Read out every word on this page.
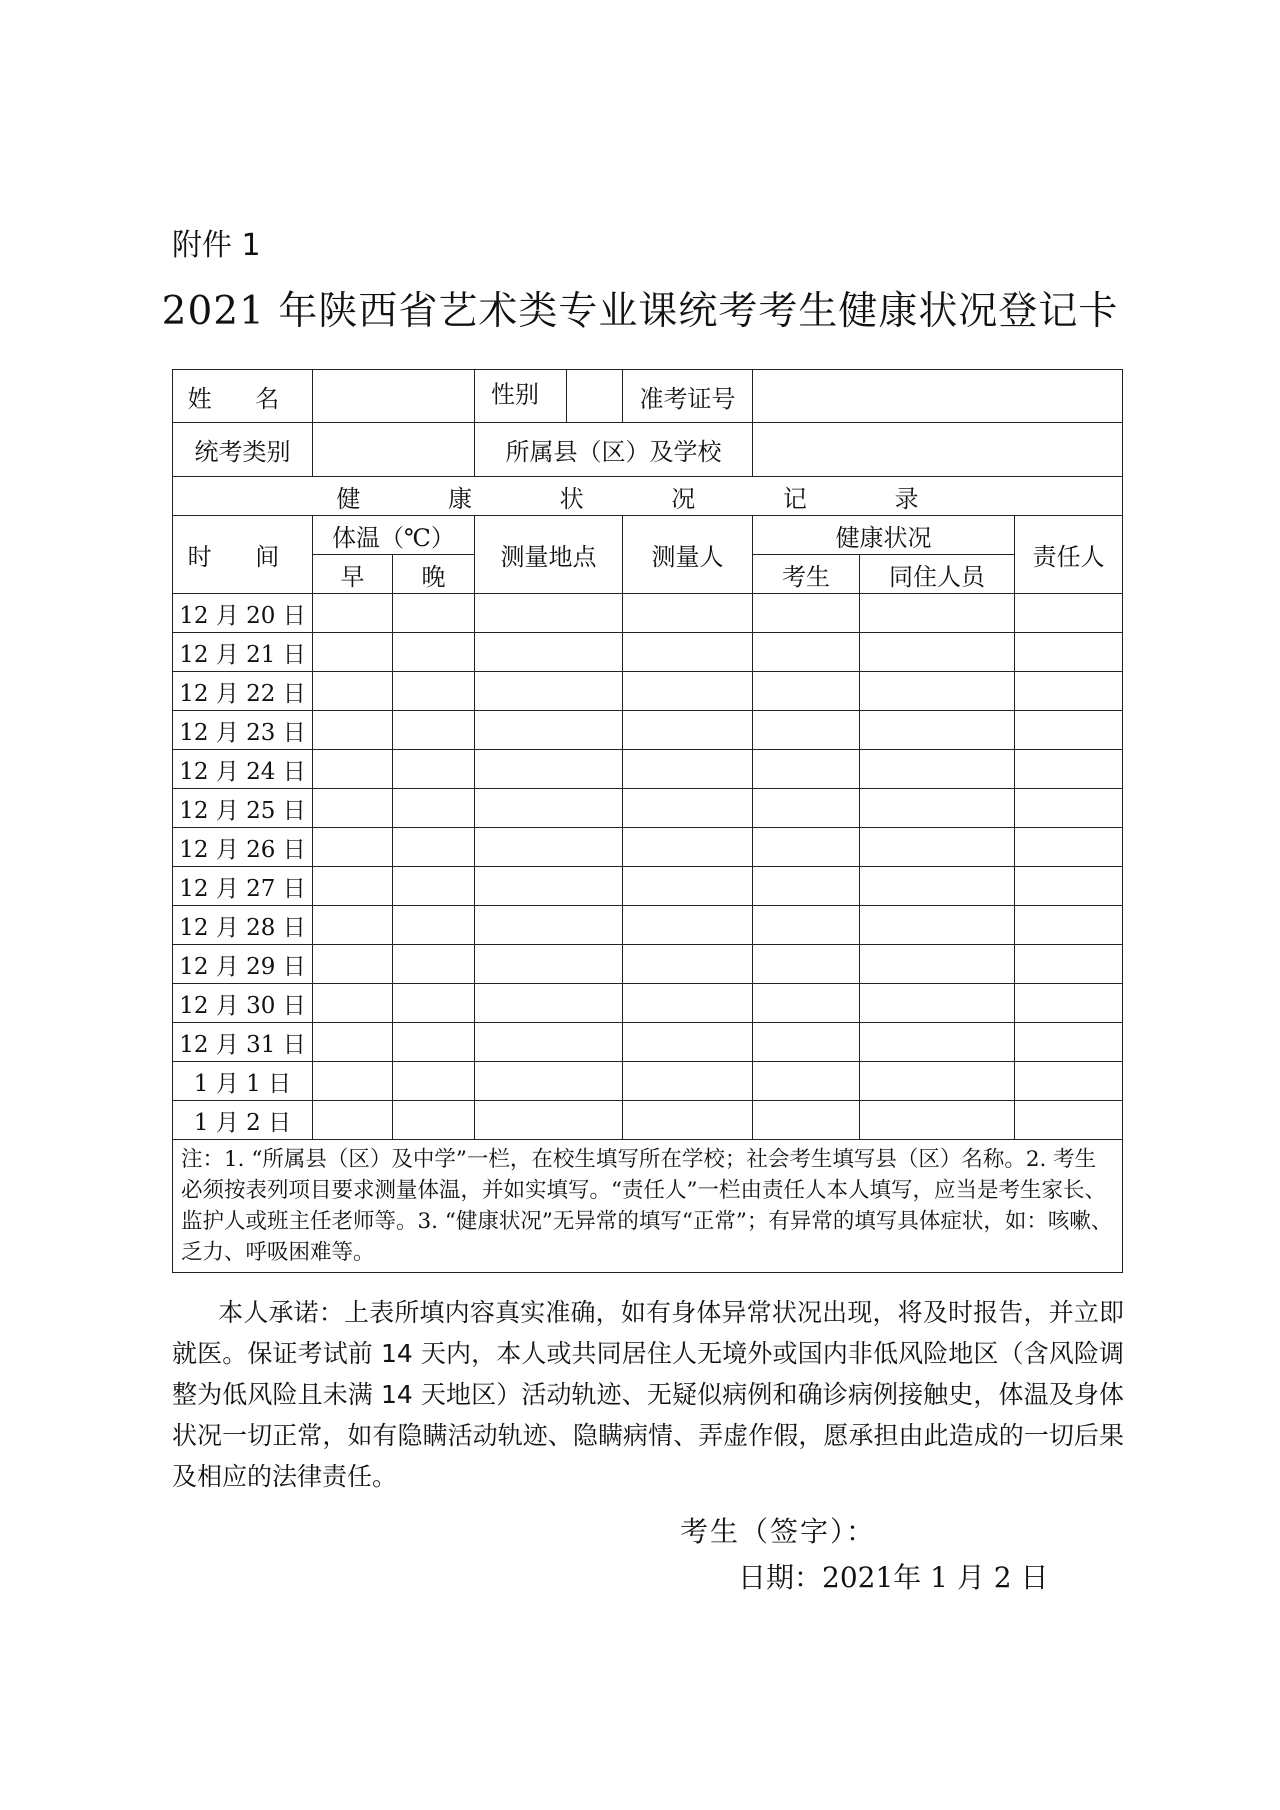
附件 1
2021 年陕西省艺术类专业课统考考生健康状况登记卡
姓 名			性别	准考证号			
统考类别			所属县（区）及学校				
健 康 状 况 记 录							
时 间	体温（℃）		测量地点	测量人	健康状况		责任人
	早	晚			考生	同住人员	
12 月 20 日							
12 月 21 日							
12 月 22 日							
12 月 23 日							
12 月 24 日							
12 月 25 日							
12 月 26 日							
12 月 27 日							
12 月 28 日							
12 月 29 日							
12 月 30 日							
12 月 31 日							
1 月 1 日							
1 月 2 日							
注：1. “所属县（区）及中学”一栏，在校生填写所在学校；社会考生填写县（区）名称。2. 考生必须按表列项目要求测量体温，并如实填写。“责任人”一栏由责任人本人填写，应当是考生家长、监护人或班主任老师等。3. “健康状况”无异常的填写“正常”；有异常的填写具体症状，如：咳嗽、乏力、呼吸困难等。							
本人承诺：上表所填内容真实准确，如有身体异常状况出现，将及时报告，并立即就医。保证考试前 14 天内，本人或共同居住人无境外或国内非低风险地区（含风险调整为低风险且未满 14 天地区）活动轨迹、无疑似病例和确诊病例接触史，体温及身体状况一切正常，如有隐瞒活动轨迹、隐瞒病情、弄虚作假，愿承担由此造成的一切后果及相应的法律责任。
考生（签字）：
日期：2021年 1 月 2 日
